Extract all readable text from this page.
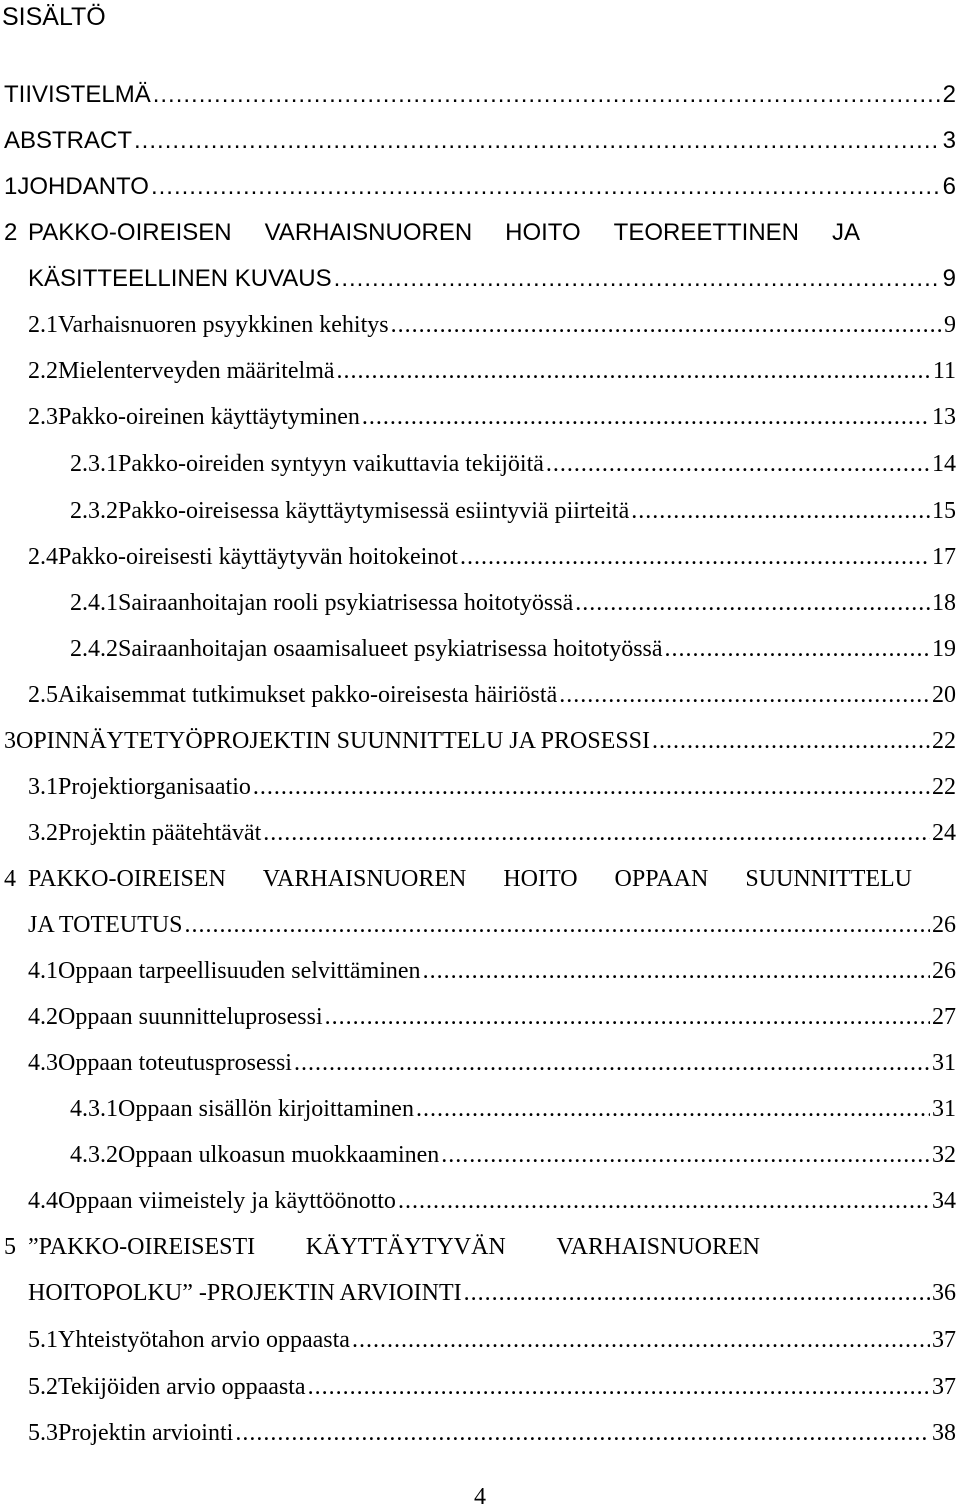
SISÄLTÖ
TIIVISTELMÄ .....	2
ABSTRACT .....	3
1 JOHDANTO .....	6
2 PAKKO-OIREISEN VARHAISNUOREN HOITO TEOREETTINEN JA
KÄSITTEELLINEN KUVAUS .....	9
2.1 Varhaisnuoren psyykkinen kehitys .....	9
2.2 Mielenterveyden määritelmä .....	11
2.3 Pakko-oireinen käyttäytyminen .....	13
2.3.1 Pakko-oireiden syntyyn vaikuttavia tekijöitä .....	14
2.3.2 Pakko-oireisessa käyttäytymisessä esiintyviä piirteitä .....	15
2.4 Pakko-oireisesti käyttäytyvän hoitokeinot .....	17
2.4.1 Sairaanhoitajan rooli psykiatrisessa hoitotyössä .....	18
2.4.2 Sairaanhoitajan osaamisalueet psykiatrisessa hoitotyössä .....	19
2.5 Aikaisemmat tutkimukset pakko-oireisesta häiriöstä .....	20
3 OPINNÄYTETYÖPROJEKTIN SUUNNITTELU JA PROSESSI .....	22
3.1 Projektiorganisaatio .....	22
3.2 Projektin päätehtävät .....	24
4 PAKKO-OIREISEN VARHAISNUOREN HOITO OPPAAN SUUNNITTELU
JA TOTEUTUS .....	26
4.1 Oppaan tarpeellisuuden selvittäminen .....	26
4.2 Oppaan suunnitteluprosessi .....	27
4.3 Oppaan toteutusprosessi .....	31
4.3.1 Oppaan sisällön kirjoittaminen .....	31
4.3.2 Oppaan ulkoasun muokkaaminen .....	32
4.4 Oppaan viimeistely ja käyttöönotto .....	34
5 ”PAKKO-OIREISESTI KÄYTTÄYTYVÄN VARHAISNUOREN
HOITOPOLKU” -PROJEKTIN ARVIOINTI .....	36
5.1 Yhteistyötahon arvio oppaasta .....	37
5.2 Tekijöiden arvio oppaasta .....	37
5.3 Projektin arviointi .....	38
4
